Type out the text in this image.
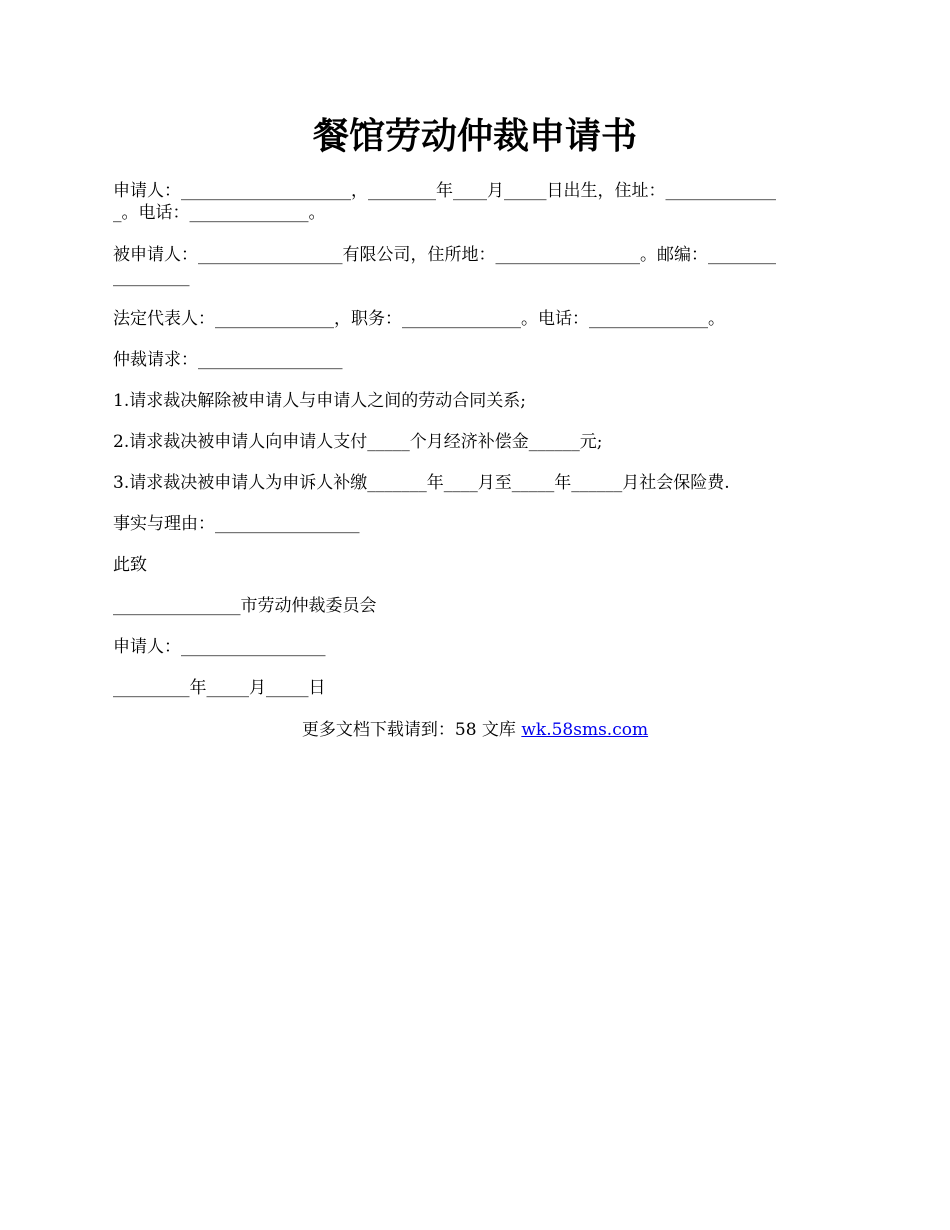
餐馆劳动仲裁申请书
申请人：____________________，________年____月_____日出生，住址：_____________
_。电话：______________。
被申请人：_________________有限公司，住所地：_________________。邮编：________
_________
法定代表人：______________，职务：______________。电话：______________。
仲裁请求：_________________
1.请求裁决解除被申请人与申请人之间的劳动合同关系;
2.请求裁决被申请人向申请人支付_____个月经济补偿金______元;
3.请求裁决被申请人为申诉人补缴_______年____月至_____年______月社会保险费.
事实与理由：_________________
此致
_______________市劳动仲裁委员会
申请人：_________________
_________年_____月_____日
更多文档下载请到：58 文库 wk.58sms.com
